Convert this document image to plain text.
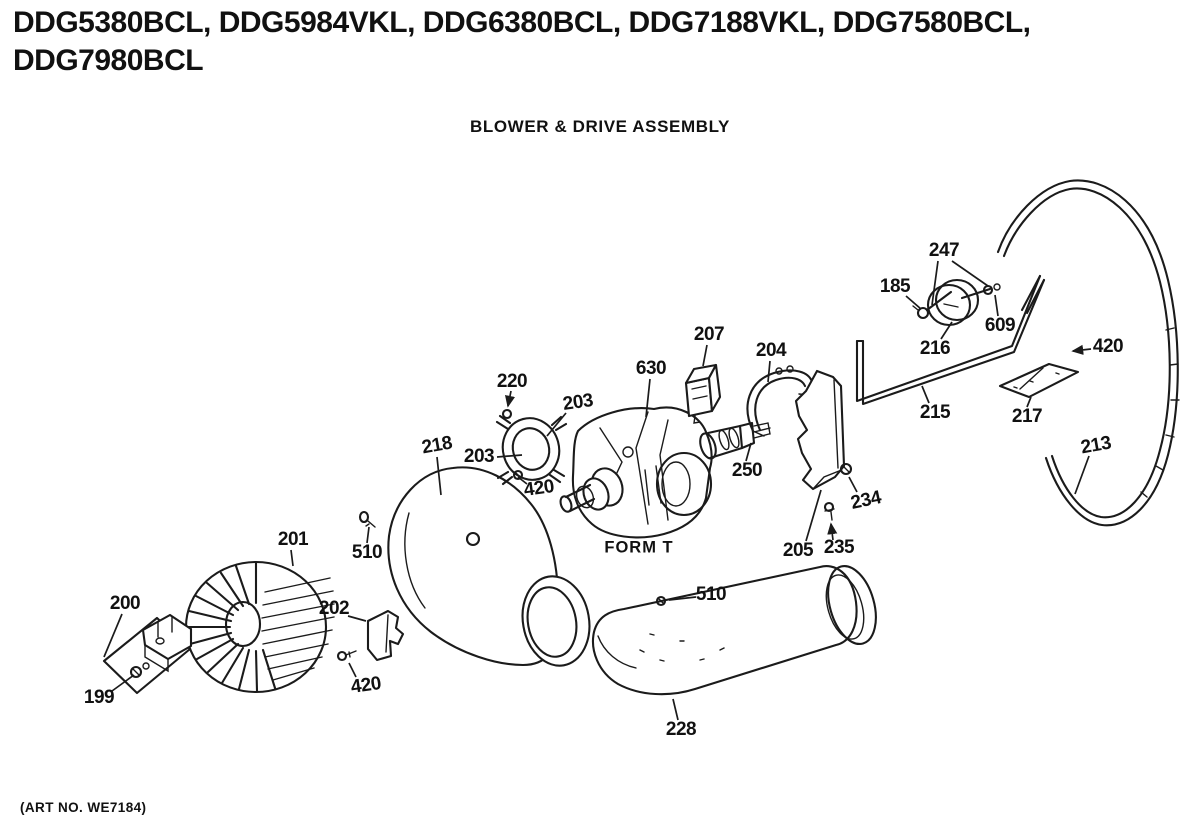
DDG5380BCL, DDG5984VKL, DDG6380BCL, DDG7188VKL, DDG7580BCL,
DDG7980BCL
BLOWER & DRIVE ASSEMBLY
220
203
203
218
420
630
207
204
250
510
201
200
199
202
420
510
228
205 235
234
247
185
216
609
420
217
215
213
FORM T
(ART NO. WE7184)
